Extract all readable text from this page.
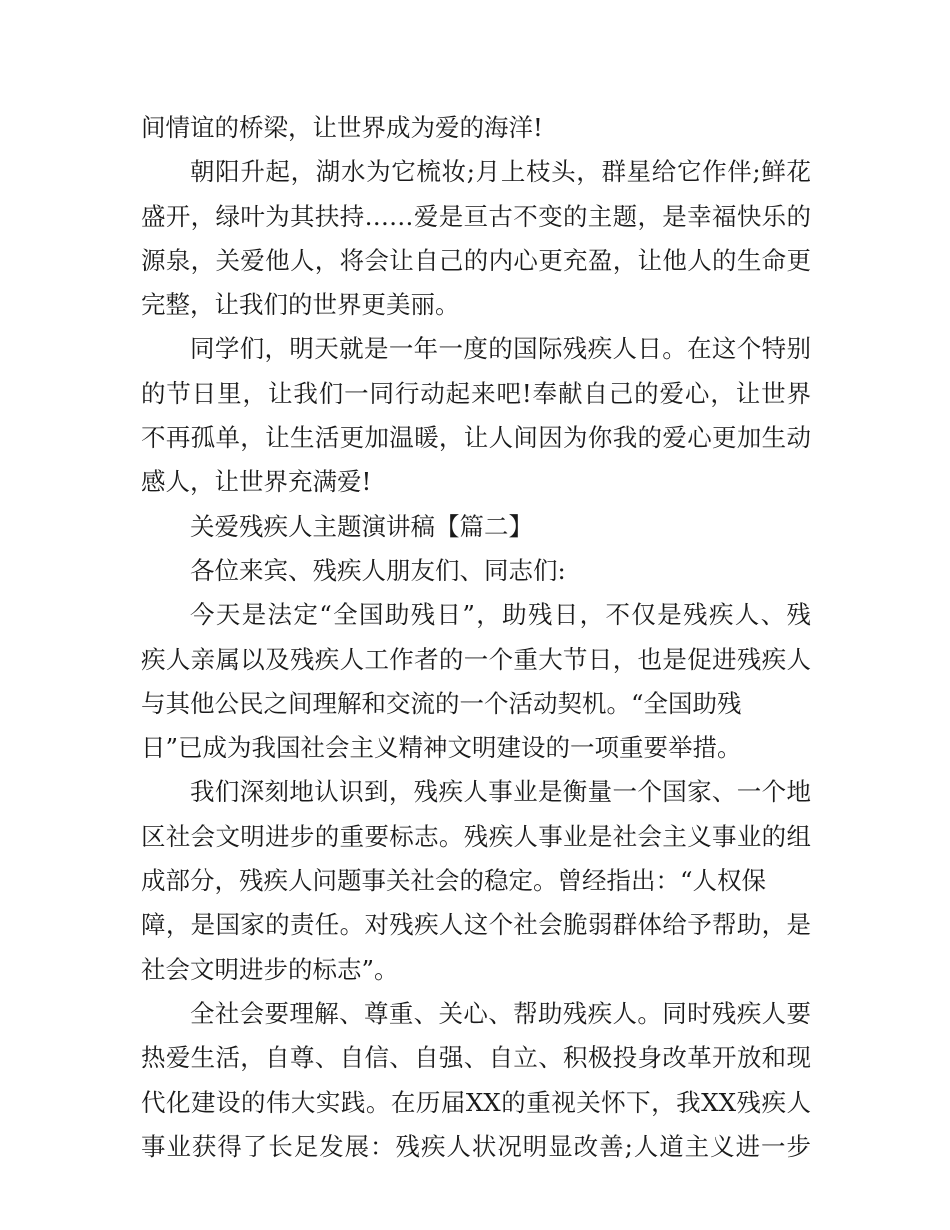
间情谊的桥梁，让世界成为爱的海洋!
朝阳升起，湖水为它梳妆;月上枝头，群星给它作伴;鲜花
盛开，绿叶为其扶持……爱是亘古不变的主题，是幸福快乐的
源泉，关爱他人，将会让自己的内心更充盈，让他人的生命更
完整，让我们的世界更美丽。
同学们，明天就是一年一度的国际残疾人日。在这个特别
的节日里，让我们一同行动起来吧!奉献自己的爱心，让世界
不再孤单，让生活更加温暖，让人间因为你我的爱心更加生动
感人，让世界充满爱!
关爱残疾人主题演讲稿【篇二】
各位来宾、残疾人朋友们、同志们:
今天是法定“全国助残日”，助残日，不仅是残疾人、残
疾人亲属以及残疾人工作者的一个重大节日，也是促进残疾人
与其他公民之间理解和交流的一个活动契机。“全国助残
日”已成为我国社会主义精神文明建设的一项重要举措。
我们深刻地认识到，残疾人事业是衡量一个国家、一个地
区社会文明进步的重要标志。残疾人事业是社会主义事业的组
成部分，残疾人问题事关社会的稳定。曾经指出：“人权保
障，是国家的责任。对残疾人这个社会脆弱群体给予帮助，是
社会文明进步的标志”。
全社会要理解、尊重、关心、帮助残疾人。同时残疾人要
热爱生活，自尊、自信、自强、自立、积极投身改革开放和现
代化建设的伟大实践。在历届XX的重视关怀下，我XX残疾人
事业获得了长足发展：残疾人状况明显改善;人道主义进一步
